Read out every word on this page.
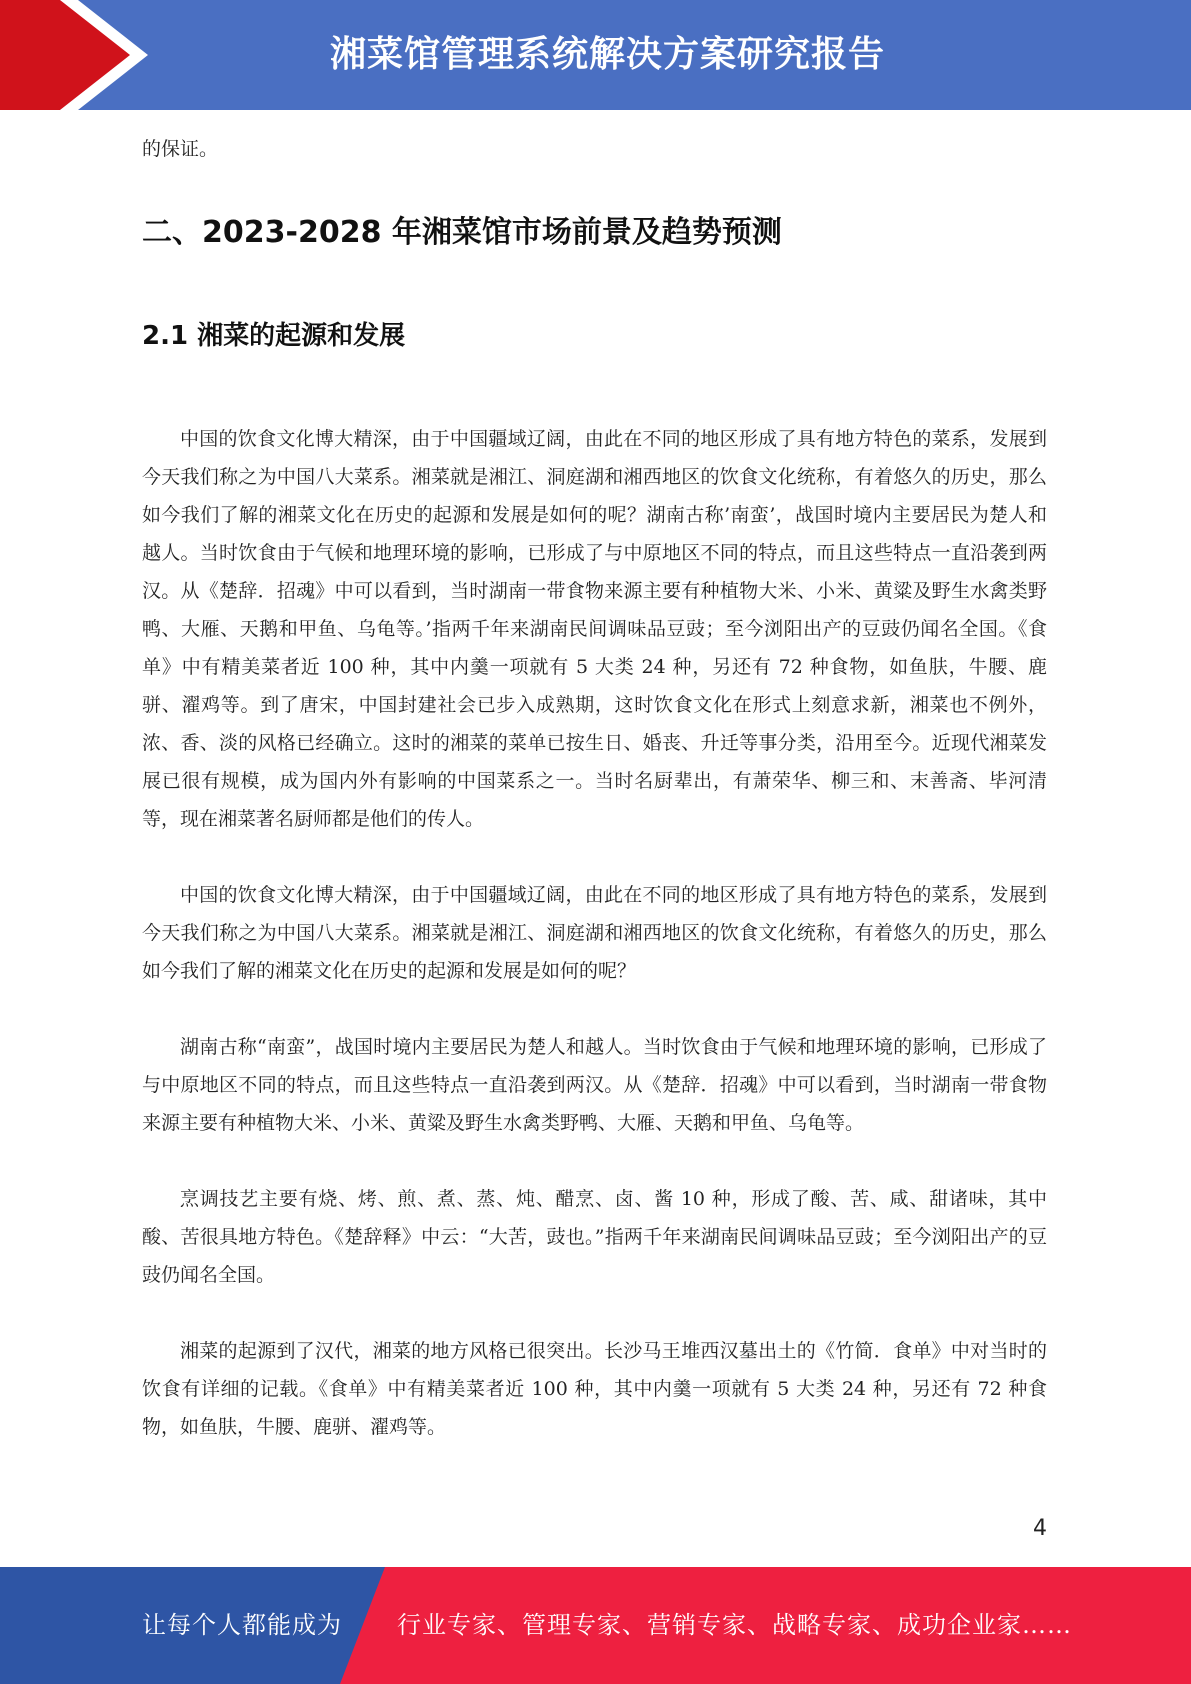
湘菜馆管理系统解决方案研究报告

的保证。

二、2023-2028 年湘菜馆市场前景及趋势预测
2.1 湘菜的起源和发展

中国的饮食文化博大精深，由于中国疆域辽阔，由此在不同的地区形成了具有地方特色的菜系，发展到今天我们称之为中国八大菜系。湘菜就是湘江、洞庭湖和湘西地区的饮食文化统称，有着悠久的历史，那么如今我们了解的湘菜文化在历史的起源和发展是如何的呢？湖南古称’南蛮’，战国时境内主要居民为楚人和越人。当时饮食由于气候和地理环境的影响，已形成了与中原地区不同的特点，而且这些特点一直沿袭到两汉。从《楚辞．招魂》中可以看到，当时湖南一带食物来源主要有种植物大米、小米、黄粱及野生水禽类野鸭、大雁、天鹅和甲鱼、乌龟等。’指两千年来湖南民间调味品豆豉；至今浏阳出产的豆豉仍闻名全国。《食单》中有精美菜者近 100 种，其中内羹一项就有 5 大类 24 种，另还有 72 种食物，如鱼肤，牛腰、鹿骈、濯鸡等。到了唐宋，中国封建社会已步入成熟期，这时饮食文化在形式上刻意求新，湘菜也不例外，浓、香、淡的风格已经确立。这时的湘菜的菜单已按生日、婚丧、升迁等事分类，沿用至今。近现代湘菜发展已很有规模，成为国内外有影响的中国菜系之一。当时名厨辈出，有萧荣华、柳三和、末善斋、毕河清等，现在湘菜著名厨师都是他们的传人。

中国的饮食文化博大精深，由于中国疆域辽阔，由此在不同的地区形成了具有地方特色的菜系，发展到今天我们称之为中国八大菜系。湘菜就是湘江、洞庭湖和湘西地区的饮食文化统称，有着悠久的历史，那么如今我们了解的湘菜文化在历史的起源和发展是如何的呢？

湖南古称“南蛮”，战国时境内主要居民为楚人和越人。当时饮食由于气候和地理环境的影响，已形成了与中原地区不同的特点，而且这些特点一直沿袭到两汉。从《楚辞．招魂》中可以看到，当时湖南一带食物来源主要有种植物大米、小米、黄粱及野生水禽类野鸭、大雁、天鹅和甲鱼、乌龟等。

烹调技艺主要有烧、烤、煎、煮、蒸、炖、醋烹、卤、酱 10 种，形成了酸、苦、咸、甜诸味，其中酸、苦很具地方特色。《楚辞释》中云：“大苦，豉也。”指两千年来湖南民间调味品豆豉；至今浏阳出产的豆豉仍闻名全国。

湘菜的起源到了汉代，湘菜的地方风格已很突出。长沙马王堆西汉墓出土的《竹简．食单》中对当时的饮食有详细的记载。《食单》中有精美菜者近 100 种，其中内羹一项就有 5 大类 24 种，另还有 72 种食物，如鱼肤，牛腰、鹿骈、濯鸡等。

4
让每个人都能成为 行业专家、管理专家、营销专家、战略专家、成功企业家……
